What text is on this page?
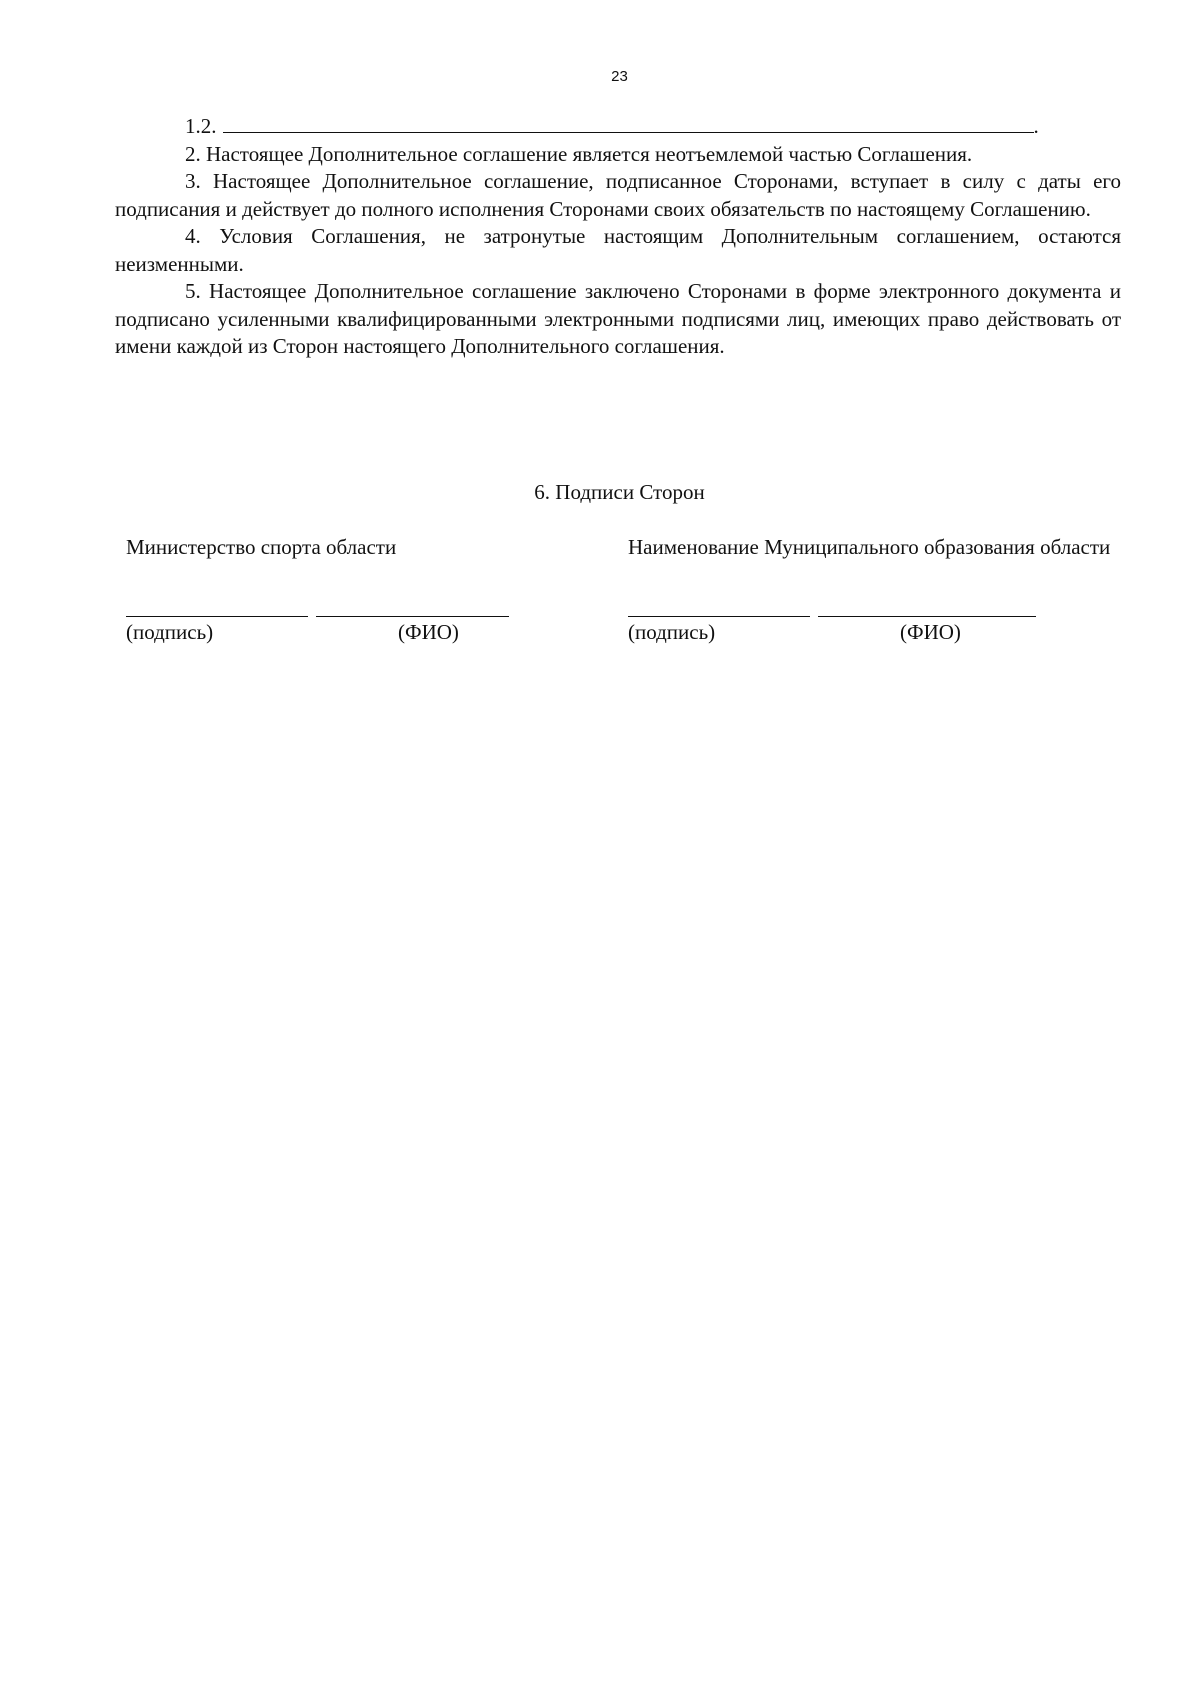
23

1.2.	.

2. Настоящее Дополнительное соглашение является неотъемлемой частью Соглашения.

3. Настоящее Дополнительное соглашение, подписанное Сторонами, вступает в силу с даты его подписания и действует до полного исполнения Сторонами своих обязательств по настоящему Соглашению.

4. Условия Соглашения, не затронутые настоящим Дополнительным соглашением, остаются неизменными.

5. Настоящее Дополнительное соглашение заключено Сторонами в форме электронного документа и подписано усиленными квалифицированными электронными подписями лиц, имеющих право действовать от имени каждой из Сторон настоящего Дополнительного соглашения.

6. Подписи Сторон
Министерство спорта области	Наименование Муниципального образования области
(подпись)	(ФИО)	(подпись)	(ФИО)
